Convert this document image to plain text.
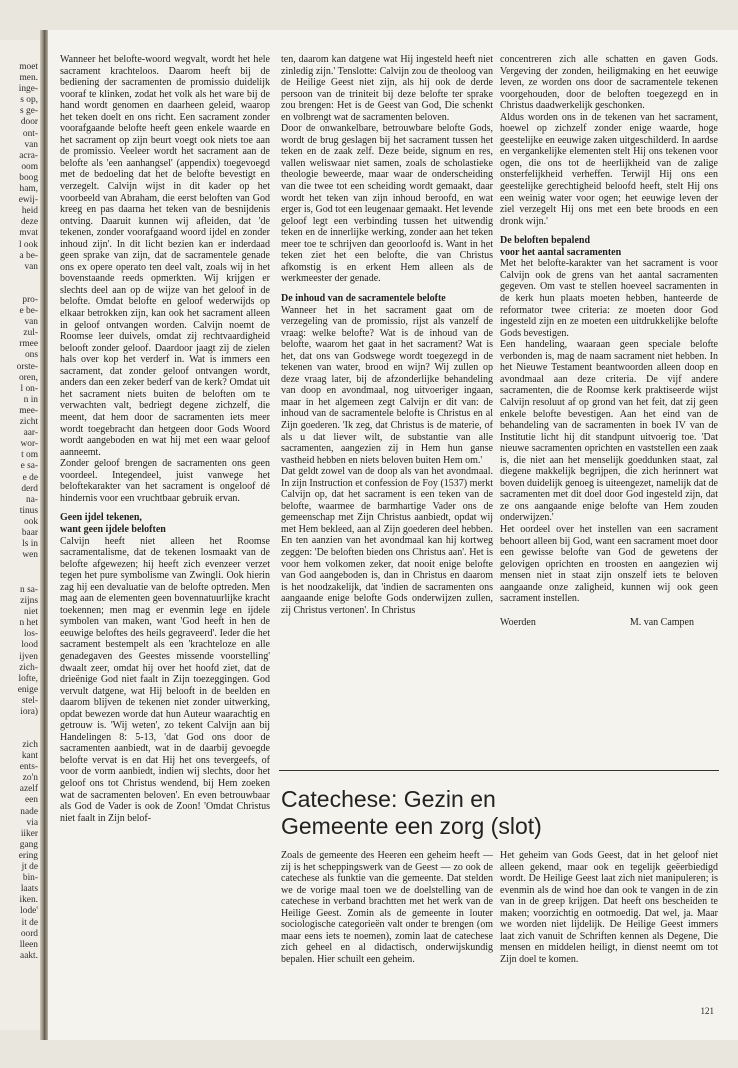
moet
men.
inge-
s op,
s ge-
door
ont-
van
acra-
oom
boog
ham,
ewij-
heid
deze
mvat
l ook
a be-
van
pro-
e be-
van
zul-
rmee
ons
orste-
oren,
l on-
n in
mee-
zicht
aar-
wor-
t om
e sa-
e de
derd
na-
tinus
ook
baar
ls in
wen
n sa-
zijns
niet
n het
los-
lood
ijven
zich-
lofte,
enige
stel-
iora)
zich
kant
ents-
zo'n
azelf
een
nade
via
iiker
gang
ering
jt de
bin-
laats
iken.
lode'
it de
oord
lleen
aakt.

Wanneer het belofte-woord wegvalt, wordt het hele sacrament krachteloos. Daarom heeft bij de bediening der sacramenten de promissio duidelijk vooraf te klinken, zodat het volk als het ware bij de hand wordt genomen en daarheen geleid, waarop het teken doelt en ons richt. Een sacrament zonder voorafgaande belofte heeft geen enkele waarde en het sacrament op zijn beurt voegt ook niets toe aan de promissio. Veeleer wordt het sacrament aan de belofte als 'een aanhangsel' (appendix) toegevoegd met de bedoeling dat het de belofte bevestigt en verzegelt. Calvijn wijst in dit kader op het voorbeeld van Abraham, die eerst beloften van God kreeg en pas daarna het teken van de besnijdenis ontving. Daaruit kunnen wij afleiden, dat 'de tekenen, zonder voorafgaand woord ijdel en zonder inhoud zijn'. In dit licht bezien kan er inderdaad geen sprake van zijn, dat de sacramentele genade ons ex opere operato ten deel valt, zoals wij in het bovenstaande reeds opmerkten. Wij krijgen er slechts deel aan op de wijze van het geloof in de belofte. Omdat belofte en geloof wederwijds op elkaar betrokken zijn, kan ook het sacrament alleen in geloof ontvangen worden. Calvijn noemt de Roomse leer duivels, omdat zij rechtvaardigheid belooft zonder geloof. Daardoor jaagt zij de zielen hals over kop het verderf in. Wat is immers een sacrament, dat zonder geloof ontvangen wordt, anders dan een zeker bederf van de kerk? Omdat uit het sacrament niets buiten de beloften om te verwachten valt, bedriegt degene zichzelf, die meent, dat hem door de sacramenten iets meer wordt toegebracht dan hetgeen door Gods Woord wordt aangeboden en wat hij met een waar geloof aanneemt.

Zonder geloof brengen de sacramenten ons geen voordeel. Integendeel, juist vanwege het beloftekarakter van het sacrament is ongeloof dé hindernis voor een vruchtbaar gebruik ervan.

Geen ijdel tekenen,
want geen ijdele beloften

Calvijn heeft niet alleen het Roomse sacramentalisme, dat de tekenen losmaakt van de belofte afgewezen; hij heeft zich evenzeer verzet tegen het pure symbolisme van Zwingli. Ook hierin zag hij een devaluatie van de belofte optreden. Men mag aan de elementen geen bovennatuurlijke kracht toekennen; men mag er evenmin lege en ijdele symbolen van maken, want 'God heeft in hen de eeuwige beloftes des heils gegraveerd'. Ieder die het sacrament bestempelt als een 'krachteloze en alle genadegaven des Geestes missende voorstelling' dwaalt zeer, omdat hij over het hoofd ziet, dat de drieënige God niet faalt in Zijn toezeggingen. God vervult datgene, wat Hij belooft in de beelden en daarom blijven de tekenen niet zonder uitwerking, opdat bewezen worde dat hun Auteur waarachtig en getrouw is. 'Wij weten', zo tekent Calvijn aan bij Handelingen 8: 5-13, 'dat God ons door de sacramenten aanbiedt, wat in de daarbij gevoegde belofte vervat is en dat Hij het ons tevergeefs, of voor de vorm aanbiedt, indien wij slechts, door het geloof ons tot Christus wendend, bij Hem zoeken wat de sacramenten beloven'. En even betrouwbaar als God de Vader is ook de Zoon! 'Omdat Christus niet faalt in Zijn belof-

ten, daarom kan datgene wat Hij ingesteld heeft niet zinledig zijn.' Tenslotte: Calvijn zou de theoloog van de Heilige Geest niet zijn, als hij ook de derde persoon van de triniteit bij deze belofte ter sprake zou brengen: Het is de Geest van God, Die schenkt en volbrengt wat de sacramenten beloven.

Door de onwankelbare, betrouwbare belofte Gods, wordt de brug geslagen bij het sacrament tussen het teken en de zaak zelf. Deze beide, signum en res, vallen weliswaar niet samen, zoals de scholastieke theologie beweerde, maar waar de onderscheiding van die twee tot een scheiding wordt gemaakt, daar wordt het teken van zijn inhoud beroofd, en wat erger is, God tot een leugenaar gemaakt. Het levende geloof legt een verbinding tussen het uitwendig teken en de innerlijke werking, zonder aan het teken meer toe te schrijven dan geoorloofd is. Want in het teken ziet het een belofte, die van Christus afkomstig is en erkent Hem alleen als de werkmeester der genade.

De inhoud van de sacramentele belofte

Wanneer het in het sacrament gaat om de verzegeling van de promissio, rijst als vanzelf de vraag: welke belofte? Wat is de inhoud van de belofte, waarom het gaat in het sacrament? Wat is het, dat ons van Godswege wordt toegezegd in de tekenen van water, brood en wijn? Wij zullen op deze vraag later, bij de afzonderlijke behandeling van doop en avondmaal, nog uitvoeriger ingaan, maar in het algemeen zegt Calvijn er dit van: de inhoud van de sacramentele belofte is Christus en al Zijn goederen. 'Ik zeg, dat Christus is de materie, of als u dat liever wilt, de substantie van alle sacramenten, aangezien zij in Hem hun ganse vastheid hebben en niets beloven buiten Hem om.'

Dat geldt zowel van de doop als van het avondmaal. In zijn Instruction et confession de Foy (1537) merkt Calvijn op, dat het sacrament is een teken van de belofte, waarmee de barmhartige Vader ons de gemeenschap met Zijn Christus aanbiedt, opdat wij met Hem bekleed, aan al Zijn goederen deel hebben. En ten aanzien van het avondmaal kan hij kortweg zeggen: 'De beloften bieden ons Christus aan'. Het is voor hem volkomen zeker, dat nooit enige belofte van God aangeboden is, dan in Christus en daarom is het noodzakelijk, dat 'indien de sacramenten ons aangaande enige belofte Gods onderwijzen zullen, zij Christus vertonen'. In Christus

concentreren zich alle schatten en gaven Gods. Vergeving der zonden, heiligmaking en het eeuwige leven, ze worden ons door de sacramentele tekenen voorgehouden, door de beloften toegezegd en in Christus daadwerkelijk geschonken.

Aldus worden ons in de tekenen van het sacrament, hoewel op zichzelf zonder enige waarde, hoge geestelijke en eeuwige zaken uitgeschilderd. In aardse en vergankelijke elementen stelt Hij ons tekenen voor ogen, die ons tot de heerlijkheid van de zalige onsterfelijkheid verheffen. Terwijl Hij ons een geestelijke gerechtigheid beloofd heeft, stelt Hij ons een weinig water voor ogen; het eeuwige leven der ziel verzegelt Hij ons met een bete broods en een dronk wijn.'

De beloften bepalend
voor het aantal sacramenten

Met het belofte-karakter van het sacrament is voor Calvijn ook de grens van het aantal sacramenten gegeven. Om vast te stellen hoeveel sacramenten in de kerk hun plaats moeten hebben, hanteerde de reformator twee criteria: ze moeten door God ingesteld zijn en ze moeten een uitdrukkelijke belofte Gods bevestigen.

Een handeling, waaraan geen speciale belofte verbonden is, mag de naam sacrament niet hebben. In het Nieuwe Testament beantwoorden alleen doop en avondmaal aan deze criteria. De vijf andere sacramenten, die de Roomse kerk praktiseerde wijst Calvijn resoluut af op grond van het feit, dat zij geen enkele belofte bevestigen. Aan het eind van de behandeling van de sacramenten in boek IV van de Institutie licht hij dit standpunt uitvoerig toe. 'Dat nieuwe sacramenten oprichten en vaststellen een zaak is, die niet aan het menselijk goeddunken staat, zal diegene makkelijk begrijpen, die zich herinnert wat boven duidelijk genoeg is uiteengezet, namelijk dat de sacramenten met dit doel door God ingesteld zijn, dat ze ons aangaande enige belofte van Hem zouden onderwijzen.'

Het oordeel over het instellen van een sacrament behoort alleen bij God, want een sacrament moet door een gewisse belofte van God de gewetens der gelovigen oprichten en troosten en aangezien wij mensen niet in staat zijn onszelf iets te beloven aangaande onze zaligheid, kunnen wij ook geen sacrament instellen.

Woerden	M. van Campen
Catechese: Gezin en
Gemeente een zorg (slot)

Zoals de gemeente des Heeren een geheim heeft — zij is het scheppingswerk van de Geest — zo ook de catechese als funktie van die gemeente. Dat stelden we de vorige maal toen we de doelstelling van de catechese in verband brachtten met het werk van de Heilige Geest. Zomin als de gemeente in louter sociologische categorieën valt onder te brengen (om maar eens iets te noemen), zomin laat de catechese zich geheel en al didactisch, onderwijskundig bepalen. Hier schuilt een geheim.

Het geheim van Gods Geest, dat in het geloof niet alleen gekend, maar ook en tegelijk geëerbiedigd wordt. De Heilige Geest laat zich niet manipuleren; is evenmin als de wind hoe dan ook te vangen in de zin van in de greep krijgen. Dat heeft ons bescheiden te maken; voorzichtig en ootmoedig. Dat wel, ja. Maar we worden niet lijdelijk. De Heilige Geest immers laat zich vanuit de Schriften kennen als Degene, Die mensen en middelen heiligt, in dienst neemt om tot Zijn doel te komen.

121
